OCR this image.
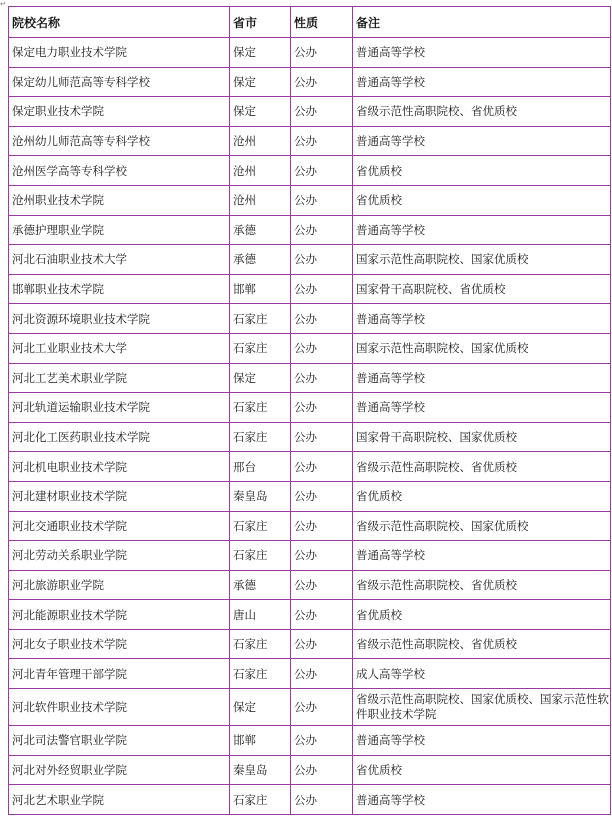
↵
院校名称	省市	性质	备注
保定电力职业技术学院	保定	公办	普通高等学校
保定幼儿师范高等专科学校	保定	公办	普通高等学校
保定职业技术学院	保定	公办	省级示范性高职院校、省优质校
沧州幼儿师范高等专科学校	沧州	公办	普通高等学校
沧州医学高等专科学校	沧州	公办	省优质校
沧州职业技术学院	沧州	公办	省优质校
承德护理职业学院	承德	公办	普通高等学校
河北石油职业技术大学	承德	公办	国家示范性高职院校、国家优质校
邯郸职业技术学院	邯郸	公办	国家骨干高职院校、省优质校
河北资源环境职业技术学院	石家庄	公办	普通高等学校
河北工业职业技术大学	石家庄	公办	国家示范性高职院校、国家优质校
河北工艺美术职业学院	保定	公办	普通高等学校
河北轨道运输职业技术学院	石家庄	公办	普通高等学校
河北化工医药职业技术学院	石家庄	公办	国家骨干高职院校、国家优质校
河北机电职业技术学院	邢台	公办	省级示范性高职院校、省优质校
河北建材职业技术学院	秦皇岛	公办	省优质校
河北交通职业技术学院	石家庄	公办	省级示范性高职院校、国家优质校
河北劳动关系职业学院	石家庄	公办	普通高等学校
河北旅游职业学院	承德	公办	省级示范性高职院校、省优质校
河北能源职业技术学院	唐山	公办	省优质校
河北女子职业技术学院	石家庄	公办	省级示范性高职院校、省优质校
河北青年管理干部学院	石家庄	公办	成人高等学校
河北软件职业技术学院	保定	公办	省级示范性高职院校、国家优质校、国家示范性软件职业技术学院
河北司法警官职业学院	邯郸	公办	普通高等学校
河北对外经贸职业学院	秦皇岛	公办	省优质校
河北艺术职业学院	石家庄	公办	普通高等学校
